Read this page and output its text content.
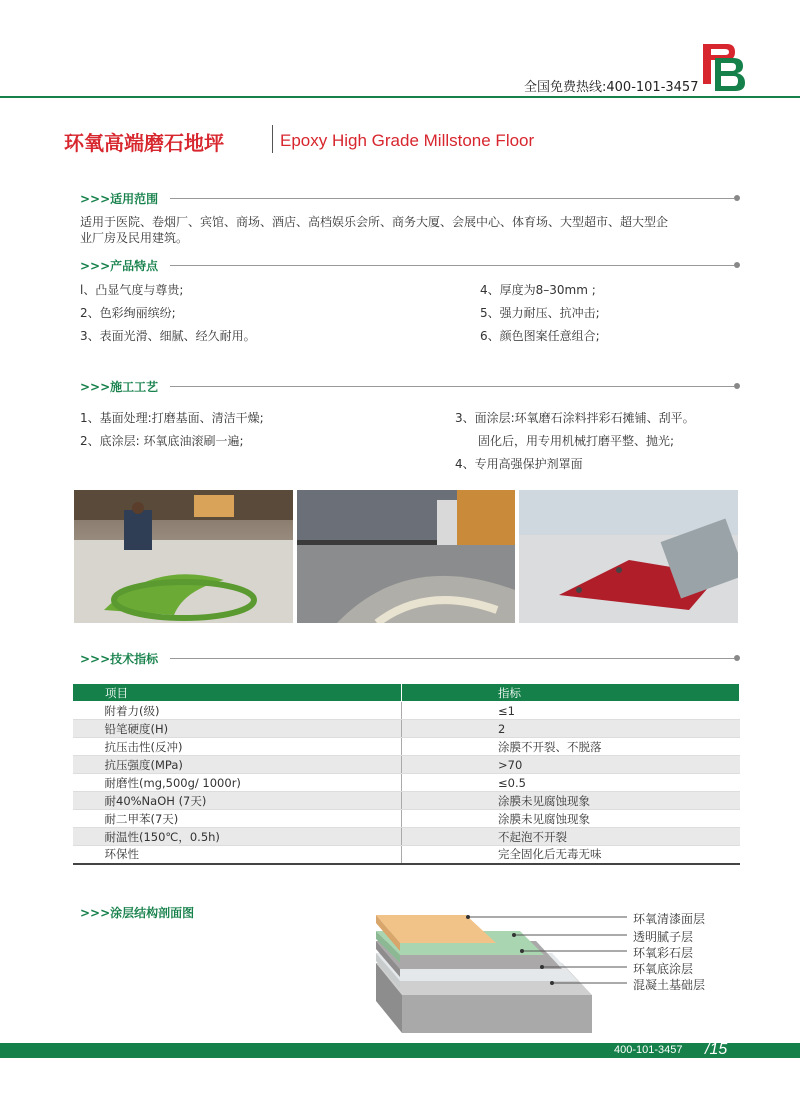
全国免费热线:400-101-3457
环氧高端磨石地坪	Epoxy High Grade Millstone Floor
>>>适用范围
适用于医院、卷烟厂、宾馆、商场、酒店、高档娱乐会所、商务大厦、会展中心、体育场、大型超市、超大型企
业厂房及民用建筑。
>>>产品特点
l、凸显气度与尊贵;
2、色彩绚丽缤纷;
3、表面光滑、细腻、经久耐用。
4、厚度为8–30mm ;
5、强力耐压、抗冲击;
6、颜色图案任意组合;
>>>施工工艺
1、基面处理:打磨基面、清洁干燥;
2、底涂层: 环氧底油滚刷一遍;
3、面涂层:环氧磨石涂料拌彩石摊铺、刮平。
固化后，用专用机械打磨平整、抛光;
4、专用高强保护剂罩面
>>>技术指标
项目	指标
附着力(级)	≤1
铅笔硬度(H)	2
抗压击性(反冲)	涂膜不开裂、不脱落
抗压强度(MPa)	>70
耐磨性(mg,500g/ 1000r)	≤0.5
耐40%NaOH (7天)	涂膜未见腐蚀现象
耐二甲苯(7天)	涂膜未见腐蚀现象
耐温性(150℃，0.5h)	不起泡不开裂
环保性	完全固化后无毒无味
>>>涂层结构剖面图	环氧清漆面层
透明腻子层
环氧彩石层
环氧底涂层
混凝土基础层
400-101-3457 /15
